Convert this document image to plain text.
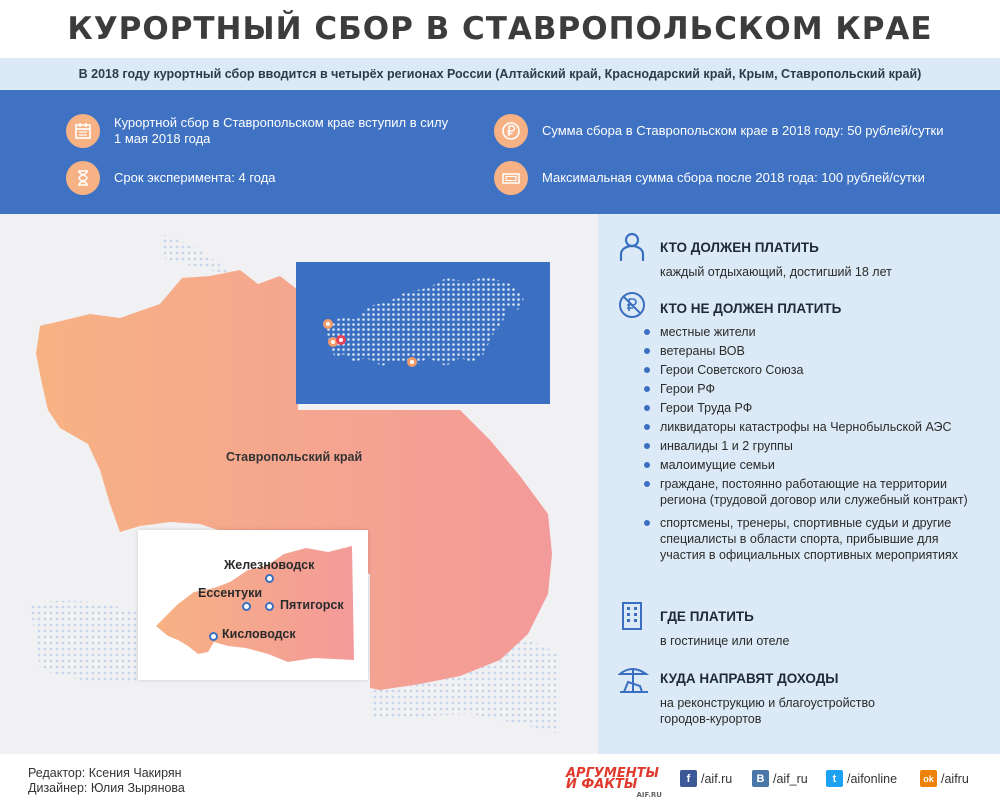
КУРОРТНЫЙ СБОР В СТАВРОПОЛЬСКОМ КРАЕ
В 2018 году курортный сбор вводится в четырёх регионах России (Алтайский край, Краснодарский край, Крым, Ставропольский край)
Курортной сбор в Ставропольском крае вступил в силу
1 мая 2018 года
Сумма сбора в Ставропольском крае в 2018 году: 50 рублей/сутки
Срок эксперимента: 4 года	Максимальная сумма сбора после 2018 года: 100 рублей/сутки
Ставропольский край
Железноводск
Ессентуки
Пятигорск
Кисловодск
КТО ДОЛЖЕН ПЛАТИТЬ
каждый отдыхающий, достигший 18 лет
КТО НЕ ДОЛЖЕН ПЛАТИТЬ
местные жители
ветераны ВОВ
Герои Советского Союза
Герои РФ
Герои Труда РФ
ликвидаторы катастрофы на Чернобыльской АЭС
инвалиды 1 и 2 группы
малоимущие семьи
граждане, постоянно работающие на территории региона (трудовой договор или служебный контракт)
спортсмены, тренеры, спортивные судьи и другие специалисты в области спорта, прибывшие для участия в официальных спортивных мероприятиях
ГДЕ ПЛАТИТЬ
в гостинице или отеле
КУДА НАПРАВЯТ ДОХОДЫ
на реконструкцию и благоустройство
городов-курортов
Редактор: Ксения Чакирян
Дизайнер: Юлия Зырянова
АРГУМЕНТЫ
И ФАКТЫ
AIF.RU
f /aif.ru	B /aif_ru	t /aifonline	ok /aifru
